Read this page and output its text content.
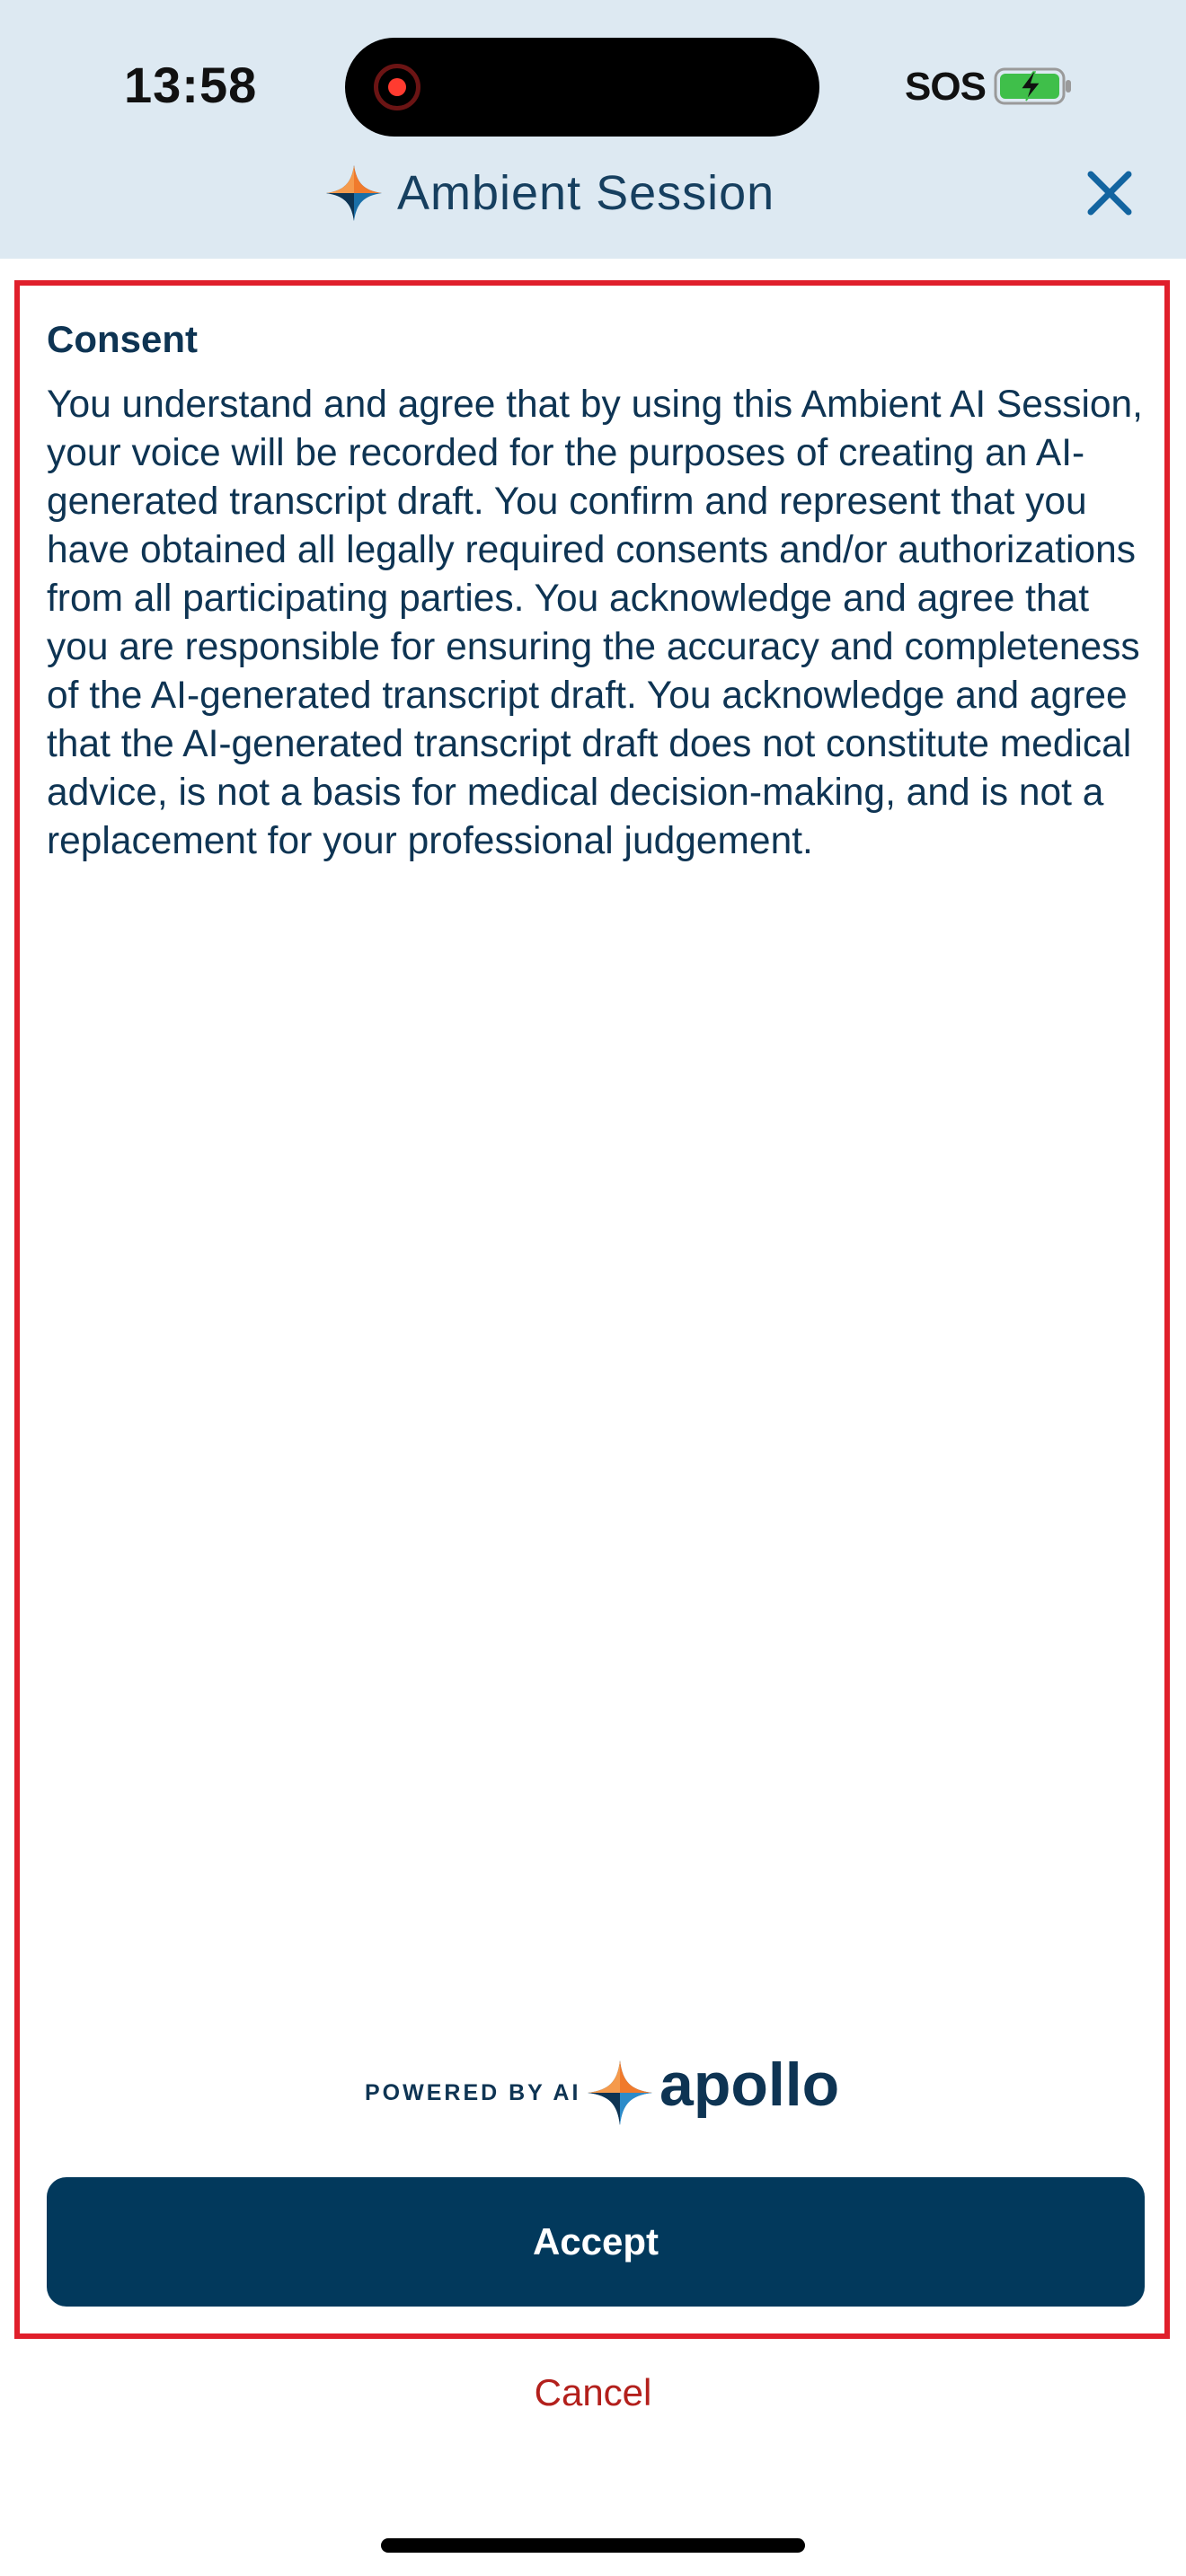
13:58	SOS
Ambient Session
Consent
You understand and agree that by using this Ambient AI Session, your voice will be recorded for the purposes of creating an AI-generated transcript draft. You confirm and represent that you have obtained all legally required consents and/or authorizations from all participating parties. You acknowledge and agree that you are responsible for ensuring the accuracy and completeness of the AI-generated transcript draft. You acknowledge and agree that the AI-generated transcript draft does not constitute medical advice, is not a basis for medical decision-making, and is not a replacement for your professional judgement.
POWERED BY AI apollo
Accept
Cancel
